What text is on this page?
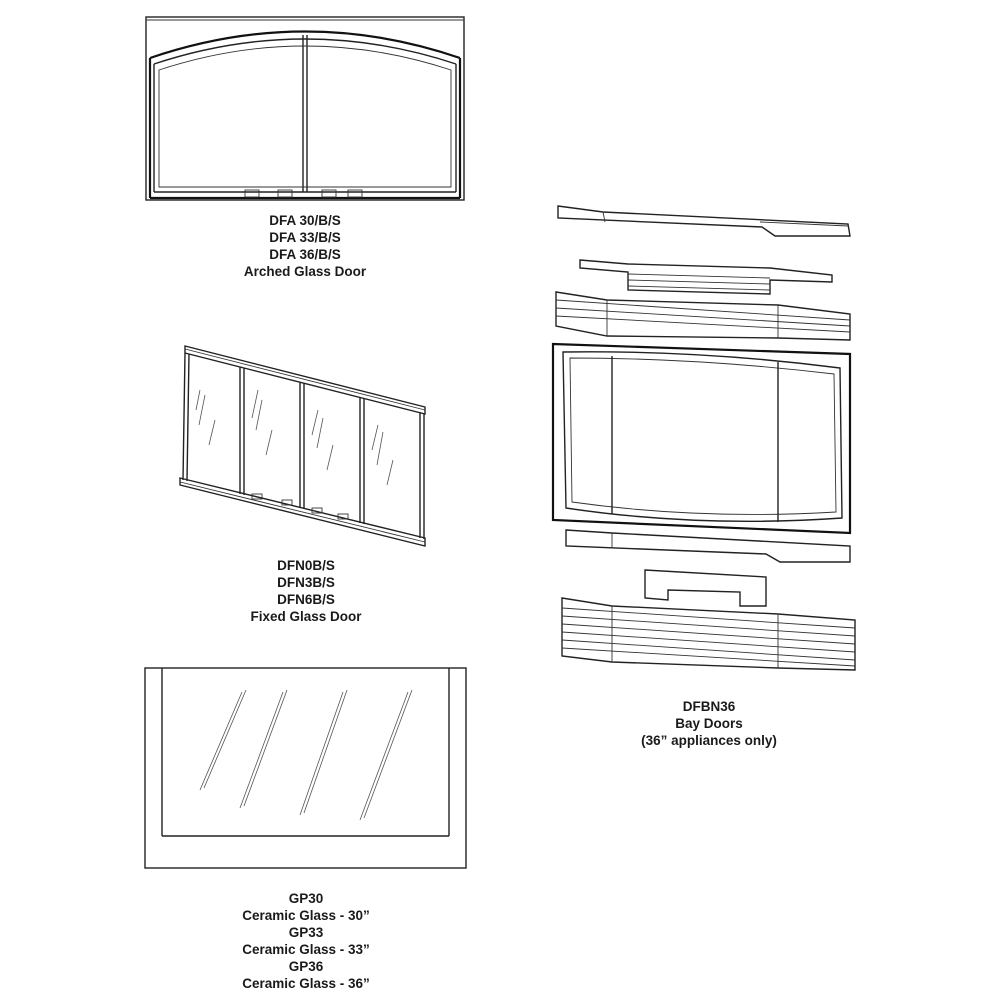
DFA 30/B/S
DFA 33/B/S
DFA 36/B/S
Arched Glass Door
DFN0B/S
DFN3B/S
DFN6B/S
Fixed Glass Door
DFBN36
Bay Doors
(36” appliances only)
GP30
Ceramic Glass - 30”
GP33
Ceramic Glass - 33”
GP36
Ceramic Glass - 36”
